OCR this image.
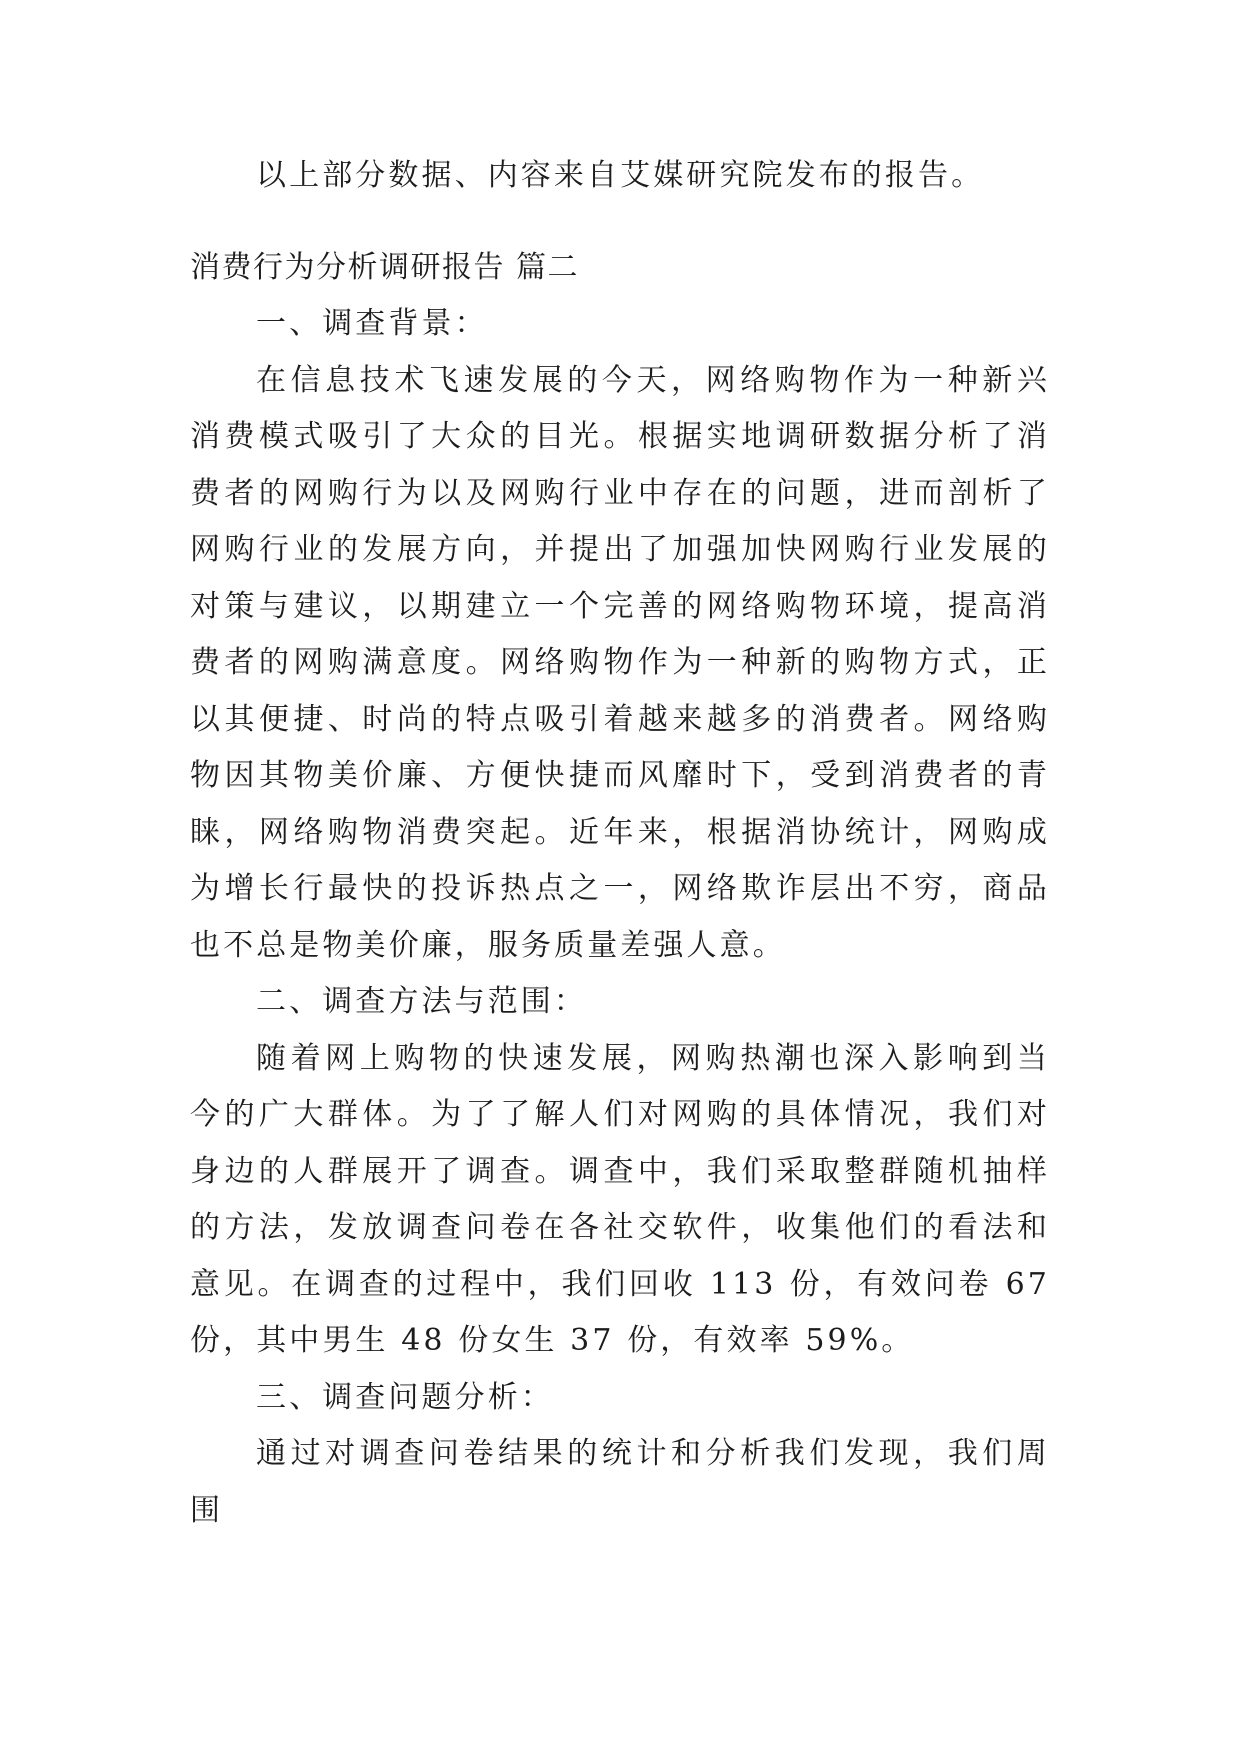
以上部分数据、内容来自艾媒研究院发布的报告。

消费行为分析调研报告 篇二

一、调查背景：

在信息技术飞速发展的今天，网络购物作为一种新兴消费模式吸引了大众的目光。根据实地调研数据分析了消费者的网购行为以及网购行业中存在的问题，进而剖析了网购行业的发展方向，并提出了加强加快网购行业发展的对策与建议，以期建立一个完善的网络购物环境，提高消费者的网购满意度。网络购物作为一种新的购物方式，正以其便捷、时尚的特点吸引着越来越多的消费者。网络购物因其物美价廉、方便快捷而风靡时下，受到消费者的青睐，网络购物消费突起。近年来，根据消协统计，网购成为增长行最快的投诉热点之一，网络欺诈层出不穷，商品也不总是物美价廉，服务质量差强人意。

二、调查方法与范围：

随着网上购物的快速发展，网购热潮也深入影响到当今的广大群体。为了了解人们对网购的具体情况，我们对身边的人群展开了调查。调查中，我们采取整群随机抽样的方法，发放调查问卷在各社交软件，收集他们的看法和意见。在调查的过程中，我们回收 113 份，有效问卷 67 份，其中男生 48 份女生 37 份，有效率 59%。

三、调查问题分析：

通过对调查问卷结果的统计和分析我们发现，我们周围
